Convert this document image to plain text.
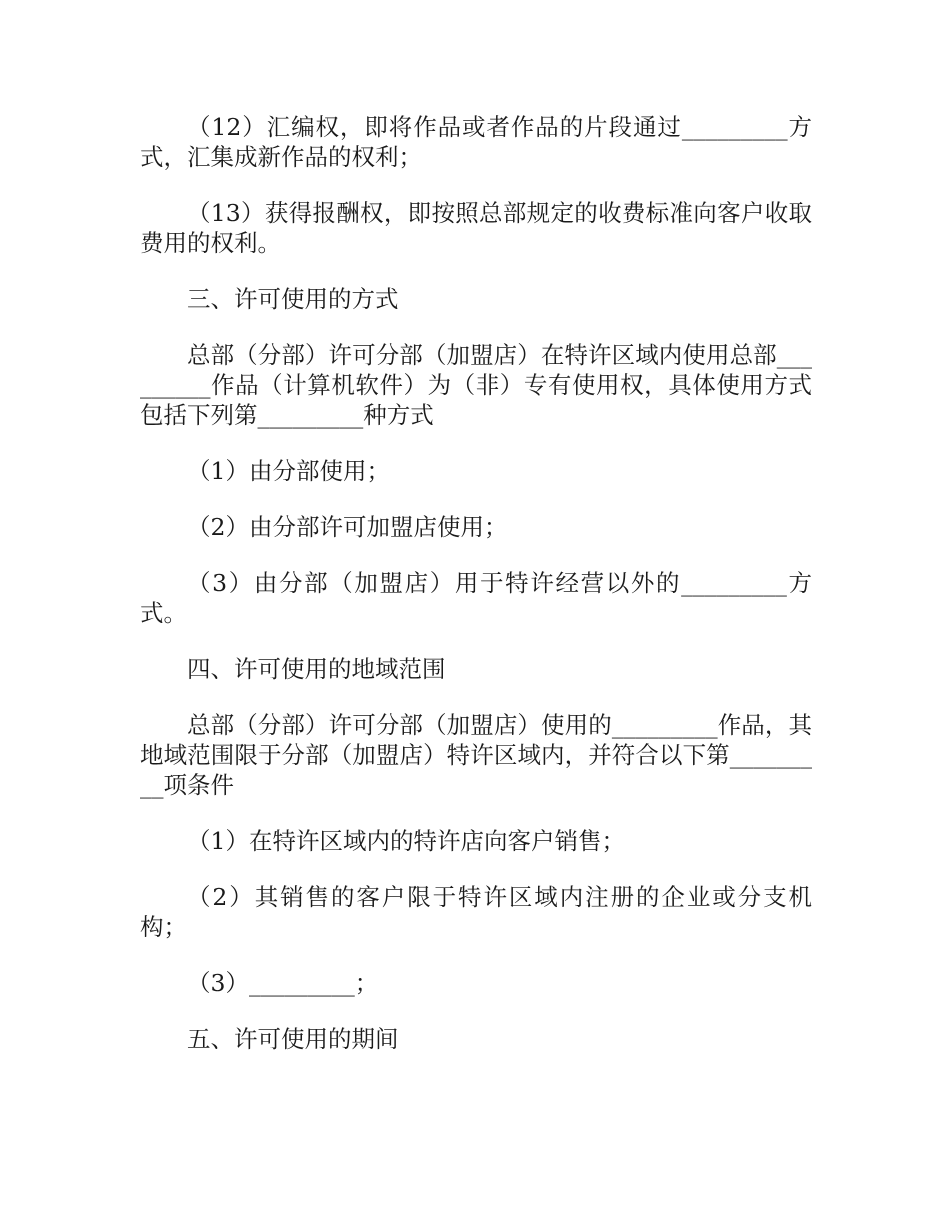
（12）汇编权，即将作品或者作品的片段通过_________方式，汇集成新作品的权利；

（13）获得报酬权，即按照总部规定的收费标准向客户收取费用的权利。

三、许可使用的方式

总部（分部）许可分部（加盟店）在特许区域内使用总部_________作品（计算机软件）为（非）专有使用权，具体使用方式包括下列第_________种方式

（1）由分部使用；

（2）由分部许可加盟店使用；

（3）由分部（加盟店）用于特许经营以外的_________方式。

四、许可使用的地域范围

总部（分部）许可分部（加盟店）使用的_________作品，其地域范围限于分部（加盟店）特许区域内，并符合以下第_________项条件

（1）在特许区域内的特许店向客户销售；

（2）其销售的客户限于特许区域内注册的企业或分支机构；

（3）_________；

五、许可使用的期间
